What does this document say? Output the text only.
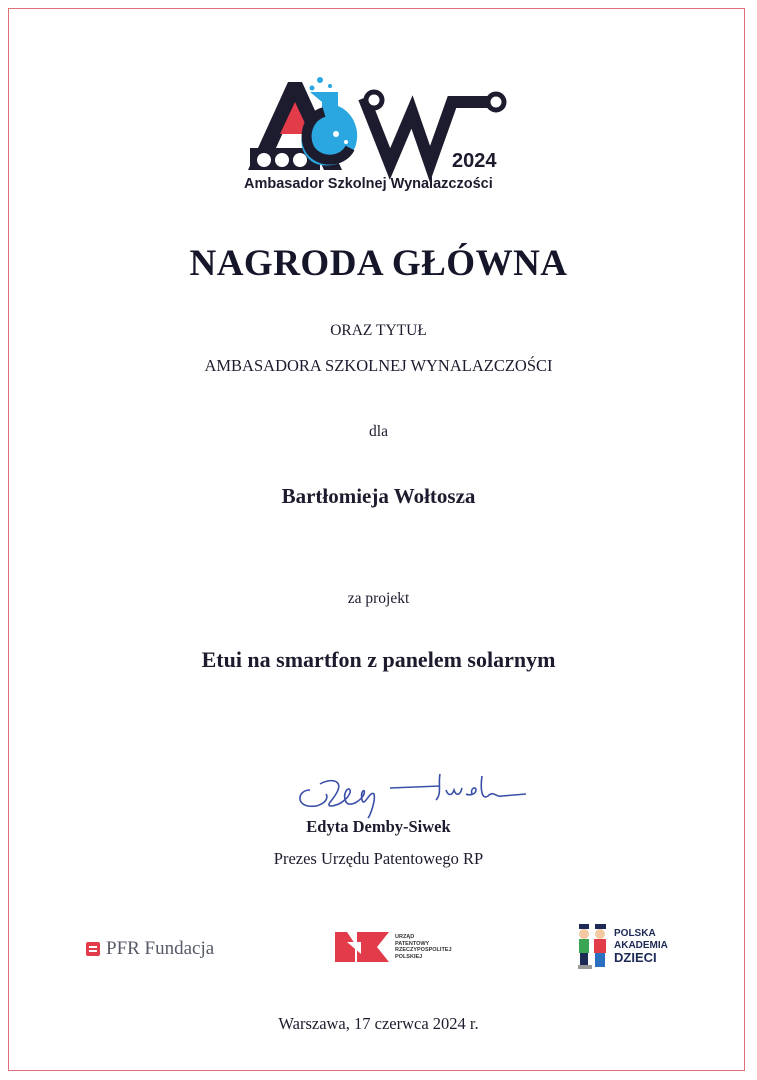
2024
Ambasador Szkolnej Wynalazczości
NAGRODA GŁÓWNA
ORAZ TYTUŁ
AMBASADORA SZKOLNEJ WYNALAZCZOŚCI
dla
Bartłomieja Wołtosza
za projekt
Etui na smartfon z panelem solarnym
Edyta Demby-Siwek
Prezes Urzędu Patentowego RP
PFR Fundacja
URZĄD
PATENTOWY
RZECZYPOSPOLITEJ
POLSKIEJ
POLSKA
AKADEMIA
DZIECI
Warszawa, 17 czerwca 2024 r.
